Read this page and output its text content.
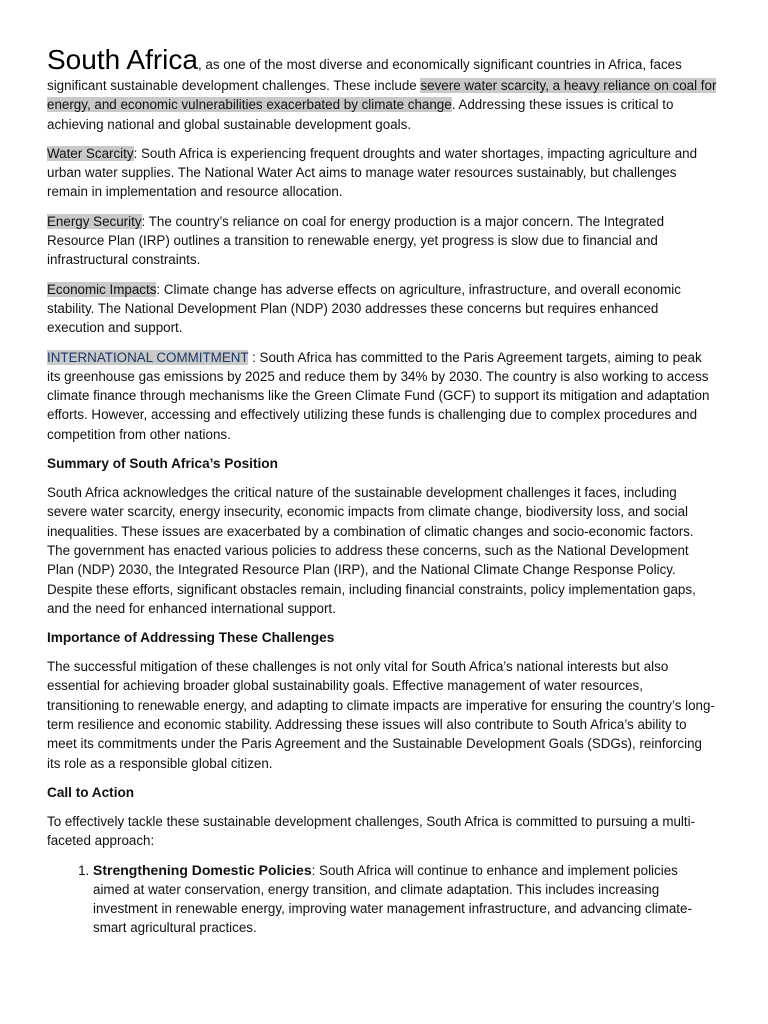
South Africa, as one of the most diverse and economically significant countries in Africa, faces significant sustainable development challenges. These include severe water scarcity, a heavy reliance on coal for energy, and economic vulnerabilities exacerbated by climate change. Addressing these issues is critical to achieving national and global sustainable development goals.

Water Scarcity: South Africa is experiencing frequent droughts and water shortages, impacting agriculture and urban water supplies. The National Water Act aims to manage water resources sustainably, but challenges remain in implementation and resource allocation.

Energy Security: The country’s reliance on coal for energy production is a major concern. The Integrated Resource Plan (IRP) outlines a transition to renewable energy, yet progress is slow due to financial and infrastructural constraints.

Economic Impacts: Climate change has adverse effects on agriculture, infrastructure, and overall economic stability. The National Development Plan (NDP) 2030 addresses these concerns but requires enhanced execution and support.

INTERNATIONAL COMMITMENT : South Africa has committed to the Paris Agreement targets, aiming to peak its greenhouse gas emissions by 2025 and reduce them by 34% by 2030. The country is also working to access climate finance through mechanisms like the Green Climate Fund (GCF) to support its mitigation and adaptation efforts. However, accessing and effectively utilizing these funds is challenging due to complex procedures and competition from other nations.

Summary of South Africa’s Position

South Africa acknowledges the critical nature of the sustainable development challenges it faces, including severe water scarcity, energy insecurity, economic impacts from climate change, biodiversity loss, and social inequalities. These issues are exacerbated by a combination of climatic changes and socio-economic factors. The government has enacted various policies to address these concerns, such as the National Development Plan (NDP) 2030, the Integrated Resource Plan (IRP), and the National Climate Change Response Policy. Despite these efforts, significant obstacles remain, including financial constraints, policy implementation gaps, and the need for enhanced international support.

Importance of Addressing These Challenges

The successful mitigation of these challenges is not only vital for South Africa’s national interests but also essential for achieving broader global sustainability goals. Effective management of water resources, transitioning to renewable energy, and adapting to climate impacts are imperative for ensuring the country’s long-term resilience and economic stability. Addressing these issues will also contribute to South Africa’s ability to meet its commitments under the Paris Agreement and the Sustainable Development Goals (SDGs), reinforcing its role as a responsible global citizen.

Call to Action

To effectively tackle these sustainable development challenges, South Africa is committed to pursuing a multi-faceted approach:

1. Strengthening Domestic Policies: South Africa will continue to enhance and implement policies aimed at water conservation, energy transition, and climate adaptation. This includes increasing investment in renewable energy, improving water management infrastructure, and advancing climate-smart agricultural practices.
